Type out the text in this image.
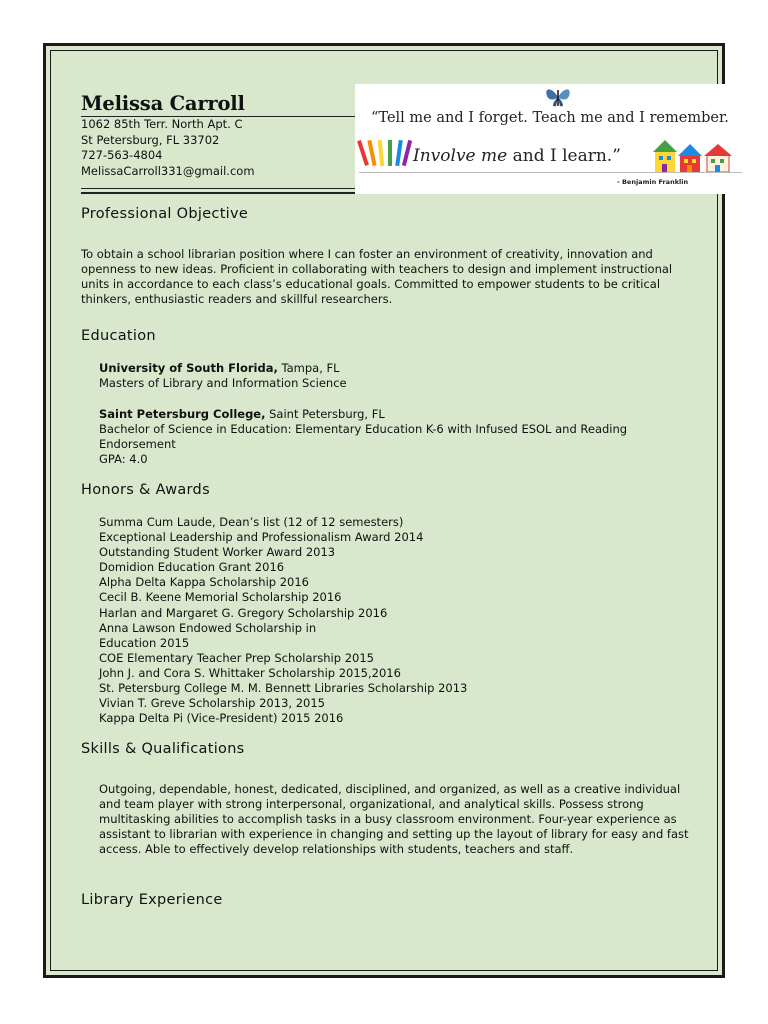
Melissa Carroll
1062 85th Terr. North Apt. C
St Petersburg, FL 33702
727-563-4804
MelissaCarroll331@gmail.com
“Tell me and I forget. Teach me and I remember.
Involve me and I learn.”
- Benjamin Franklin
Professional Objective
To obtain a school librarian position where I can foster an environment of creativity, innovation and openness to new ideas. Proficient in collaborating with teachers to design and implement instructional units in accordance to each class’s educational goals. Committed to empower students to be critical thinkers, enthusiastic readers and skillful researchers.
Education
University of South Florida, Tampa, FL
Masters of Library and Information Science
Saint Petersburg College, Saint Petersburg, FL
Bachelor of Science in Education: Elementary Education K-6 with Infused ESOL and Reading Endorsement
GPA: 4.0
Honors & Awards
Summa Cum Laude, Dean’s list (12 of 12 semesters)
Exceptional Leadership and Professionalism Award 2014
Outstanding Student Worker Award 2013
Domidion Education Grant 2016
Alpha Delta Kappa Scholarship 2016
Cecil B. Keene Memorial Scholarship 2016
Harlan and Margaret G. Gregory Scholarship 2016
Anna Lawson Endowed Scholarship in
Education 2015
COE Elementary Teacher Prep Scholarship 2015
John J. and Cora S. Whittaker Scholarship 2015,2016
St. Petersburg College M. M. Bennett Libraries Scholarship 2013
Vivian T. Greve Scholarship 2013, 2015
Kappa Delta Pi (Vice-President) 2015 2016
Skills & Qualifications
Outgoing, dependable, honest, dedicated, disciplined, and organized, as well as a creative individual and team player with strong interpersonal, organizational, and analytical skills. Possess strong multitasking abilities to accomplish tasks in a busy classroom environment. Four-year experience as assistant to librarian with experience in changing and setting up the layout of library for easy and fast access. Able to effectively develop relationships with students, teachers and staff.
Library Experience
